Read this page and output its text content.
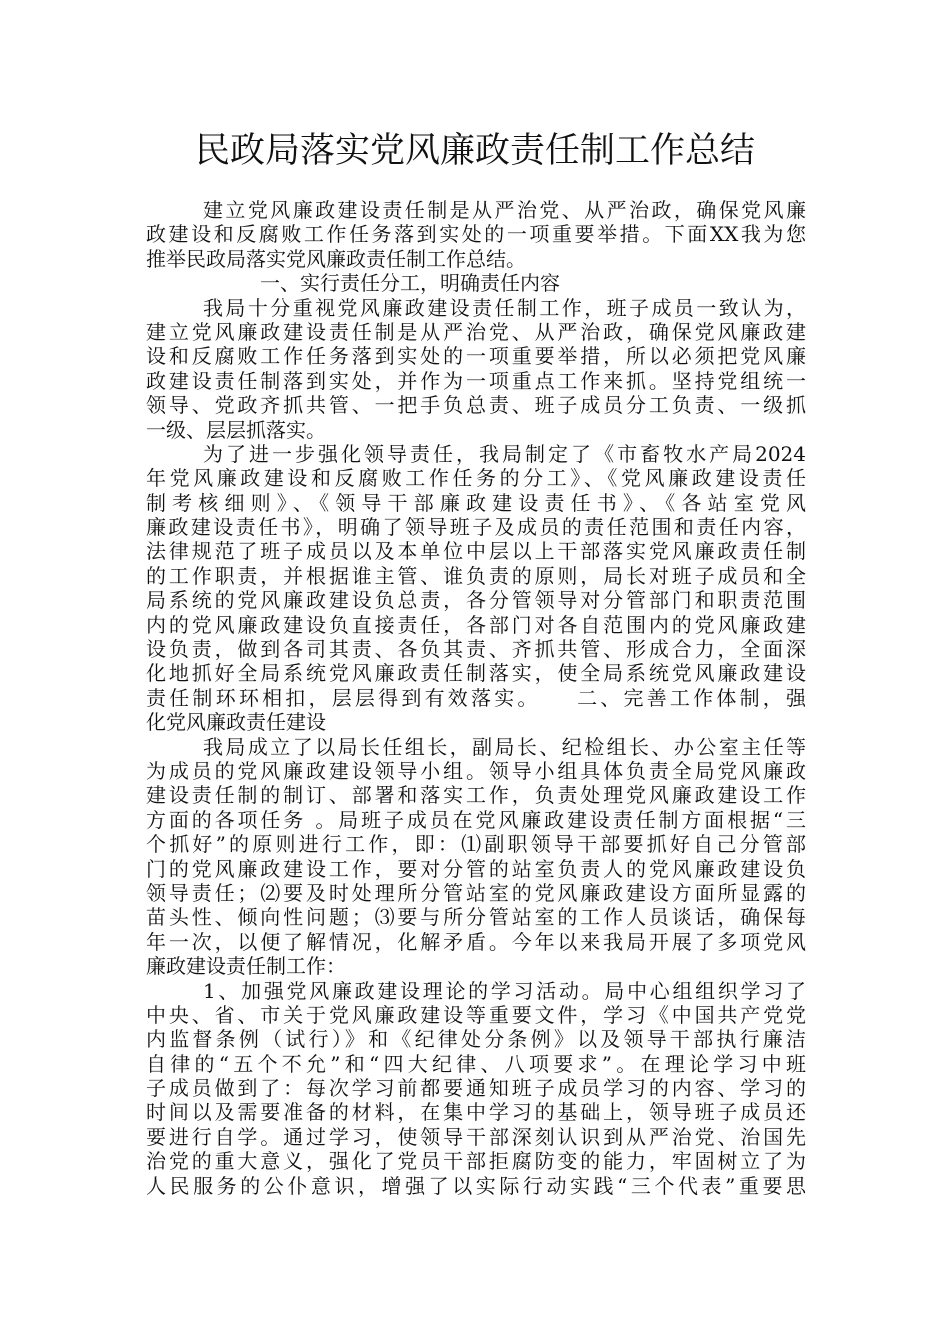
民政局落实党风廉政责任制工作总结
建立党风廉政建设责任制是从严治党、从严治政，确保党风廉
政建设和反腐败工作任务落到实处的一项重要举措。下面XX我为您
推举民政局落实党风廉政责任制工作总结。
一、实行责任分工，明确责任内容
我局十分重视党风廉政建设责任制工作，班子成员一致认为，
建立党风廉政建设责任制是从严治党、从严治政，确保党风廉政建
设和反腐败工作任务落到实处的一项重要举措，所以必须把党风廉
政建设责任制落到实处，并作为一项重点工作来抓。坚持党组统一
领导、党政齐抓共管、一把手负总责、班子成员分工负责、一级抓
一级、层层抓落实。
为了进一步强化领导责任，我局制定了《市畜牧水产局2024
年党风廉政建设和反腐败工作任务的分工》、《党风廉政建设责任
制考核细则》、《领导干部廉政建设责任书》、《各站室党风
廉政建设责任书》，明确了领导班子及成员的责任范围和责任内容，
法律规范了班子成员以及本单位中层以上干部落实党风廉政责任制
的工作职责，并根据谁主管、谁负责的原则，局长对班子成员和全
局系统的党风廉政建设负总责，各分管领导对分管部门和职责范围
内的党风廉政建设负直接责任，各部门对各自范围内的党风廉政建
设负责，做到各司其责、各负其责、齐抓共管、形成合力，全面深
化地抓好全局系统党风廉政责任制落实，使全局系统党风廉政建设
责任制环环相扣，层层得到有效落实。　　二、完善工作体制，强
化党风廉政责任建设
我局成立了以局长任组长，副局长、纪检组长、办公室主任等
为成员的党风廉政建设领导小组。领导小组具体负责全局党风廉政
建设责任制的制订、部署和落实工作，负责处理党风廉政建设工作
方面的各项任务 。局班子成员在党风廉政建设责任制方面根据“三
个抓好”的原则进行工作，即：⑴副职领导干部要抓好自己分管部
门的党风廉政建设工作，要对分管的站室负责人的党风廉政建设负
领导责任；⑵要及时处理所分管站室的党风廉政建设方面所显露的
苗头性、倾向性问题；⑶要与所分管站室的工作人员谈话，确保每
年一次，以便了解情况，化解矛盾。今年以来我局开展了多项党风
廉政建设责任制工作：
1、加强党风廉政建设理论的学习活动。局中心组组织学习了
中央、省、市关于党风廉政建设等重要文件，学习《中国共产党党
内监督条例（试行）》和《纪律处分条例》以及领导干部执行廉洁
自律的“五个不允”和“四大纪律、八项要求”。在理论学习中班
子成员做到了：每次学习前都要通知班子成员学习的内容、学习的
时间以及需要准备的材料，在集中学习的基础上，领导班子成员还
要进行自学。通过学习，使领导干部深刻认识到从严治党、治国先
治党的重大意义，强化了党员干部拒腐防变的能力，牢固树立了为
人民服务的公仆意识，增强了以实际行动实践“三个代表”重要思
